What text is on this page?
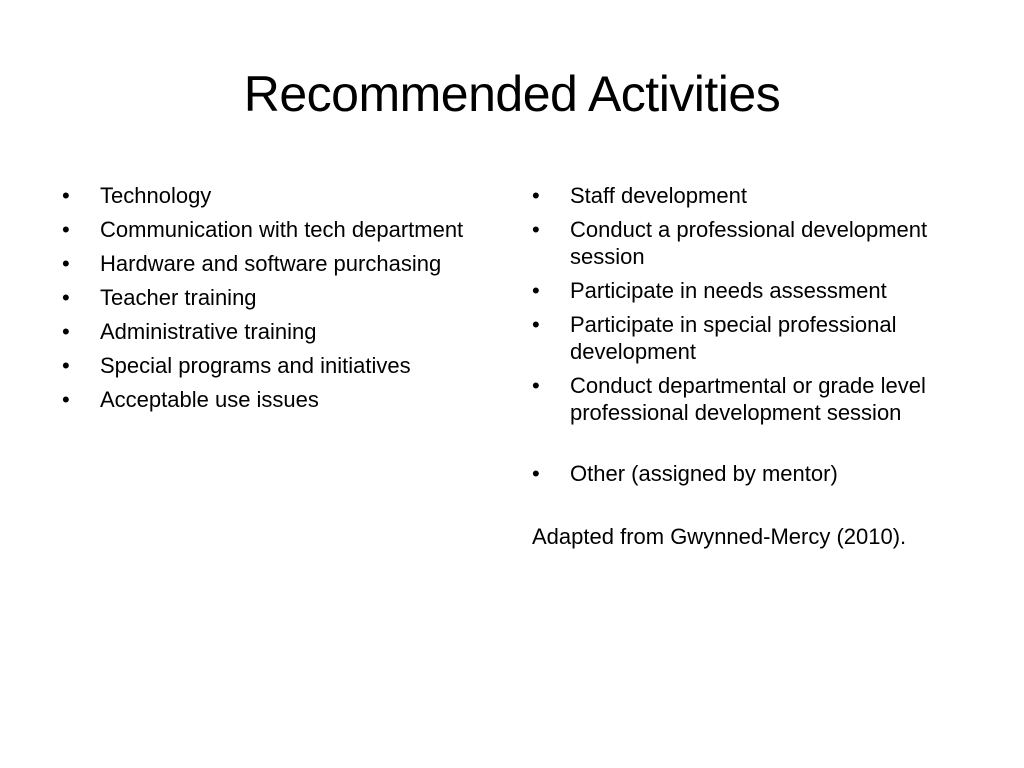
Recommended Activities
•	Technology
•	Communication with tech department
•	Hardware and software purchasing
•	Teacher training
•	Administrative training
•	Special programs and initiatives
•	Acceptable use issues
•	Staff development
•	Conduct a professional development session
•	Participate in needs assessment
•	Participate in special professional development
•	Conduct departmental or grade level professional development session
•	Other (assigned by mentor)
Adapted from Gwynned-Mercy (2010).
